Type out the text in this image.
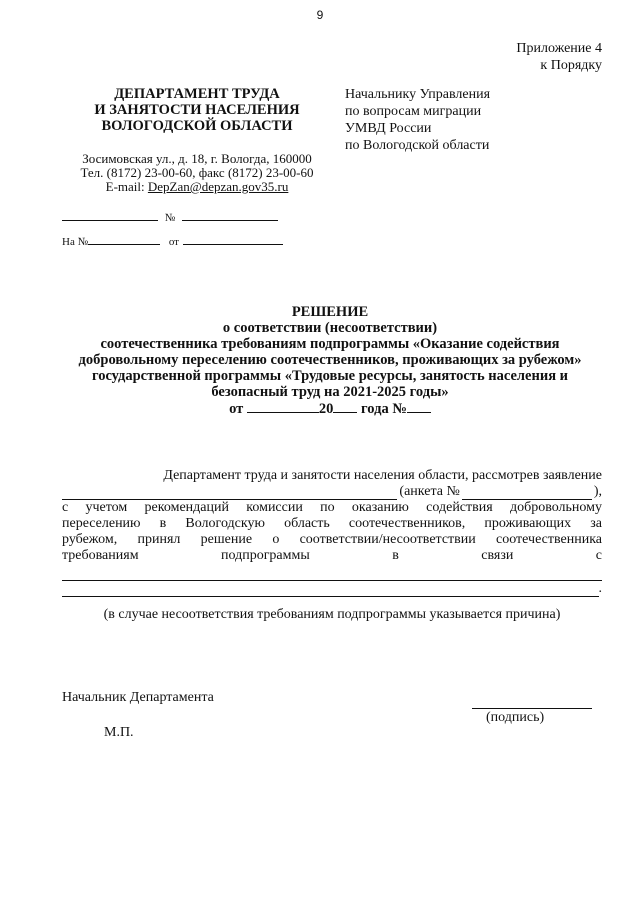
9
Приложение 4
к Порядку
ДЕПАРТАМЕНТ ТРУДА
И ЗАНЯТОСТИ НАСЕЛЕНИЯ
ВОЛОГОДСКОЙ ОБЛАСТИ
Начальнику Управления
по вопросам миграции
УМВД России
по Вологодской области
Зосимовская ул., д. 18, г. Вологда, 160000
Тел. (8172) 23-00-60, факс (8172) 23-00-60
E-mail: DepZan@depzan.gov35.ru
№
На №	от
РЕШЕНИЕ
о соответствии (несоответствии)
соотечественника требованиям подпрограммы «Оказание содействия
добровольному переселению соотечественников, проживающих за рубежом»
государственной программы «Трудовые ресурсы, занятость населения и
безопасный труд на 2021-2025 годы»
от	20 года №
Департамент труда и занятости населения области, рассмотрев заявление
(анкета №	),
с учетом рекомендаций комиссии по оказанию содействия добровольному
переселению в Вологодскую область соотечественников, проживающих за
рубежом, принял решение о соответствии/несоответствии соотечественника
требованиям	подпрограммы	в	связи	с
.
(в случае несоответствия требованиям подпрограммы указывается причина)
Начальник Департамента
(подпись)
М.П.
